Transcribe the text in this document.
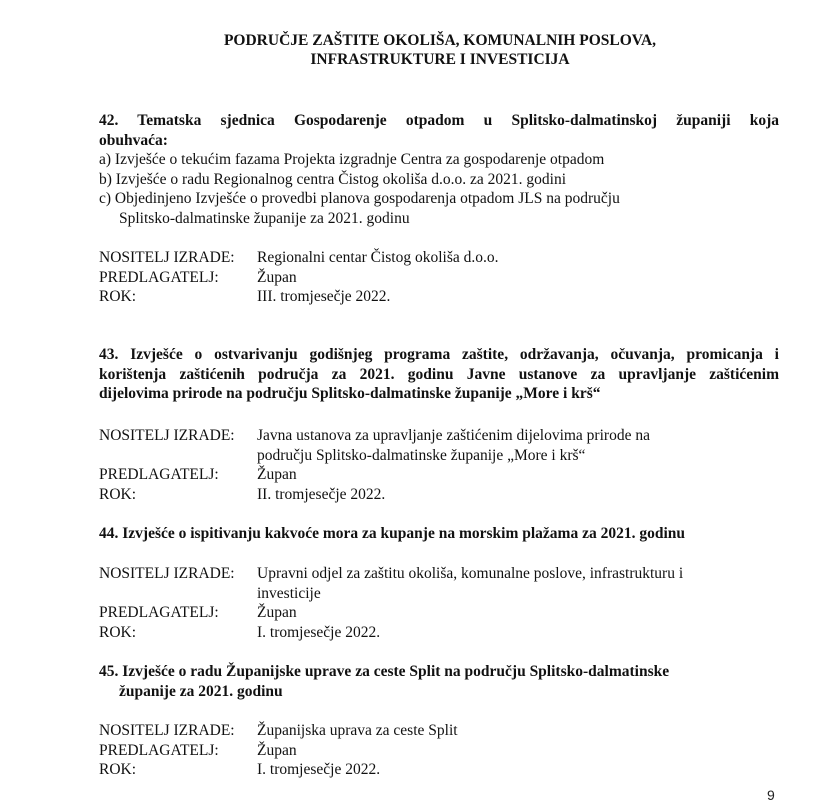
PODRUČJE ZAŠTITE OKOLIŠA, KOMUNALNIH POSLOVA,
INFRASTRUKTURE I INVESTICIJA
42. Tematska sjednica Gospodarenje otpadom u Splitsko-dalmatinskoj županiji koja
obuhvaća:
a) Izvješće o tekućim fazama Projekta izgradnje Centra za gospodarenje otpadom
b) Izvješće o radu Regionalnog centra Čistog okoliša d.o.o. za 2021. godini
c) Objedinjeno Izvješće o provedbi planova gospodarenja otpadom JLS na području
Splitsko-dalmatinske županije za 2021. godinu
NOSITELJ IZRADE:	Regionalni centar Čistog okoliša d.o.o.
PREDLAGATELJ:	Župan
ROK:	III. tromjesečje 2022.
43. Izvješće o ostvarivanju godišnjeg programa zaštite, održavanja, očuvanja, promicanja i
korištenja zaštićenih područja za 2021. godinu Javne ustanove za upravljanje zaštićenim
dijelovima prirode na području Splitsko-dalmatinske županije „More i krš“
NOSITELJ IZRADE:	Javna ustanova za upravljanje zaštićenim dijelovima prirode na
području Splitsko-dalmatinske županije „More i krš“
PREDLAGATELJ:	Župan
ROK:	II. tromjesečje 2022.
44. Izvješće o ispitivanju kakvoće mora za kupanje na morskim plažama za 2021. godinu
NOSITELJ IZRADE:	Upravni odjel za zaštitu okoliša, komunalne poslove, infrastrukturu i
investicije
PREDLAGATELJ:	Župan
ROK:	I. tromjesečje 2022.
45. Izvješće o radu Županijske uprave za ceste Split na području Splitsko-dalmatinske
županije za 2021. godinu
NOSITELJ IZRADE:	Županijska uprava za ceste Split
PREDLAGATELJ:	Župan
ROK:	I. tromjesečje 2022.
9
